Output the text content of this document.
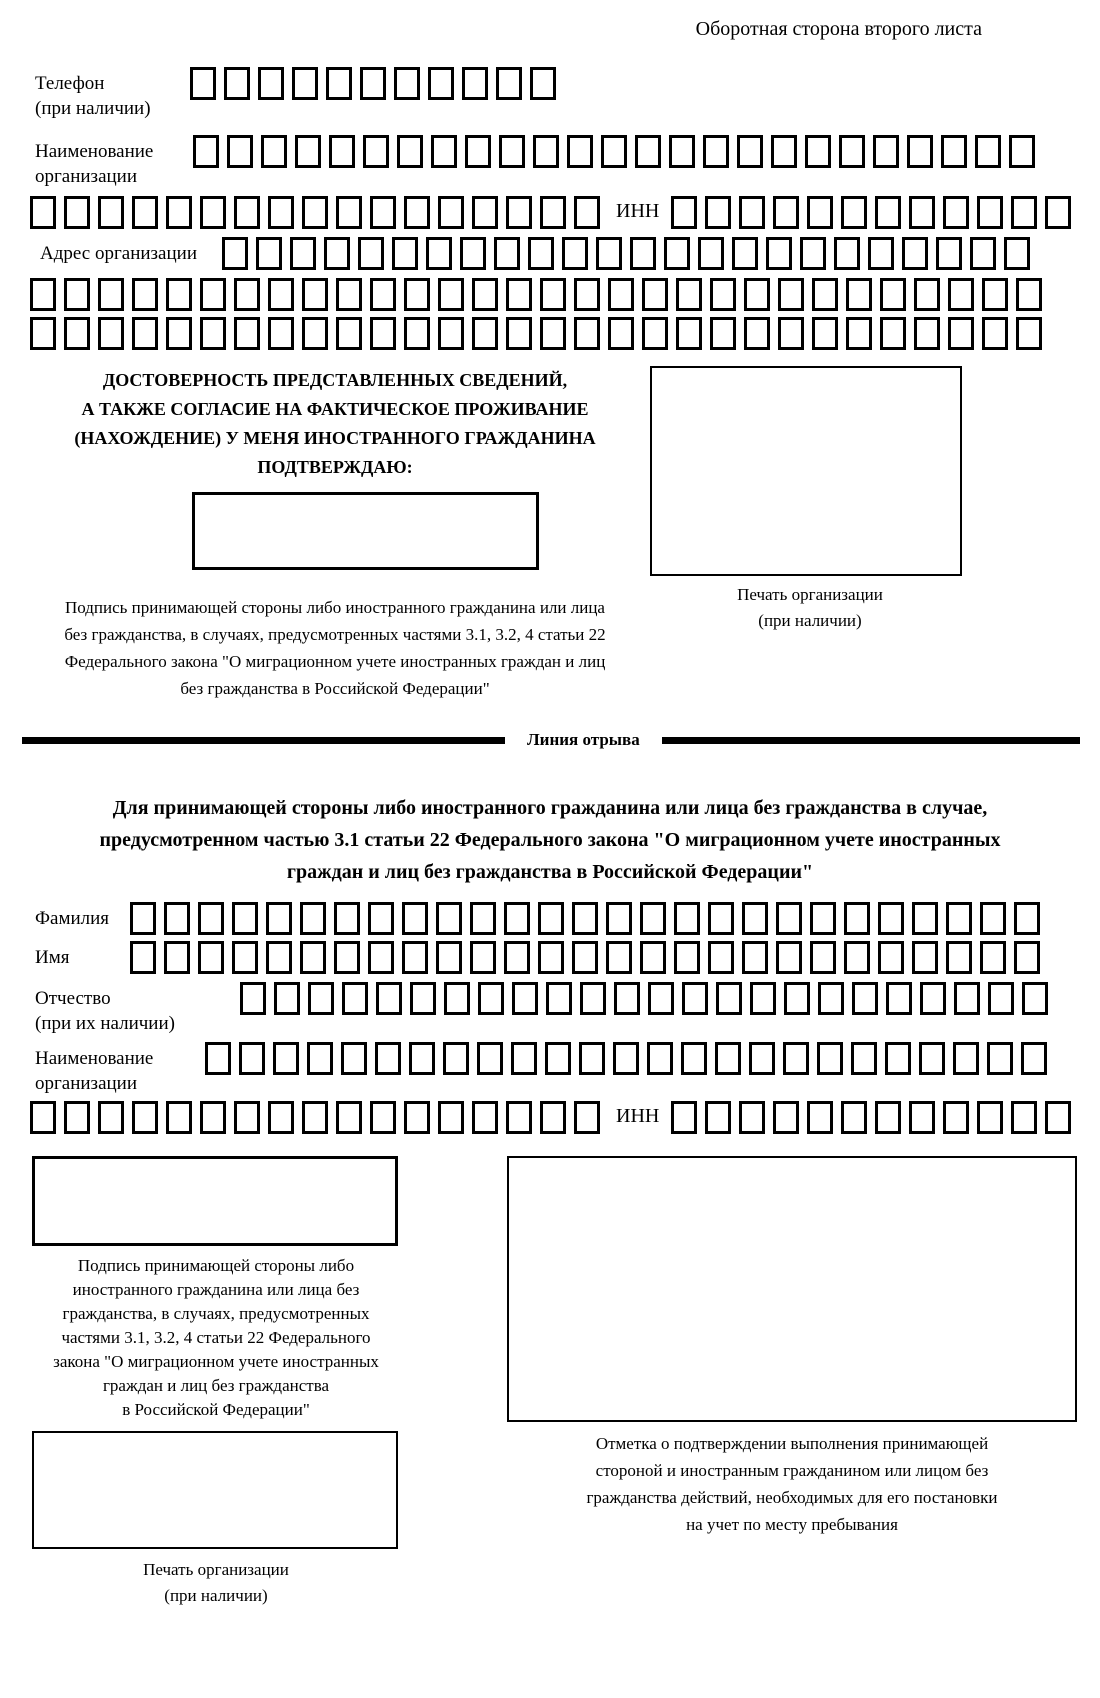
Оборотная сторона второго листа
Телефон
(при наличии)
Наименование
организации
ИНН
Адрес организации
ДОСТОВЕРНОСТЬ ПРЕДСТАВЛЕННЫХ СВЕДЕНИЙ,
А ТАКЖЕ СОГЛАСИЕ НА ФАКТИЧЕСКОЕ ПРОЖИВАНИЕ
(НАХОЖДЕНИЕ) У МЕНЯ ИНОСТРАННОГО ГРАЖДАНИНА
ПОДТВЕРЖДАЮ:
Подпись принимающей стороны либо иностранного гражданина или лица
без гражданства, в случаях, предусмотренных частями 3.1, 3.2, 4 статьи 22
Федерального закона "О миграционном учете иностранных граждан и лиц
без гражданства в Российской Федерации"
Печать организации
(при наличии)
Линия отрыва
Для принимающей стороны либо иностранного гражданина или лица без гражданства в случае,
предусмотренном частью 3.1 статьи 22 Федерального закона "О миграционном учете иностранных
граждан и лиц без гражданства в Российской Федерации"
Фамилия
Имя
Отчество
(при их наличии)
Наименование
организации
ИНН
Подпись принимающей стороны либо
иностранного гражданина или лица без
гражданства, в случаях, предусмотренных
частями 3.1, 3.2, 4 статьи 22 Федерального
закона "О миграционном учете иностранных
граждан и лиц без гражданства
в Российской Федерации"
Печать организации
(при наличии)
Отметка о подтверждении выполнения принимающей
стороной и иностранным гражданином или лицом без
гражданства действий, необходимых для его постановки
на учет по месту пребывания
